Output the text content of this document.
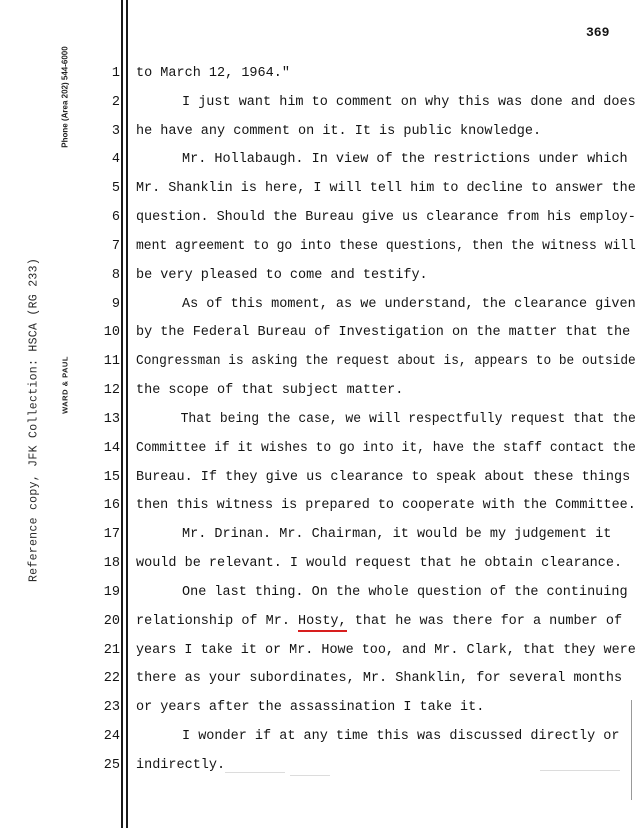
Reference copy, JFK Collection: HSCA (RG 233)
Phone (Area 202) 544-6000
WARD & PAUL
369
1 to March 12, 1964."
2	I just want him to comment on why this was done and does
3 he have any comment on it. It is public knowledge.
4	Mr. Hollabaugh. In view of the restrictions under which
5 Mr. Shanklin is here, I will tell him to decline to answer the
6 question. Should the Bureau give us clearance from his employ-
7 ment agreement to go into these questions, then the witness will
8 be very pleased to come and testify.
9	As of this moment, as we understand, the clearance given
10 by the Federal Bureau of Investigation on the matter that the
11 Congressman is asking the request about is, appears to be outside
12 the scope of that subject matter.
13	That being the case, we will respectfully request that the
14 Committee if it wishes to go into it, have the staff contact the
15 Bureau. If they give us clearance to speak about these things
16 then this witness is prepared to cooperate with the Committee.
17	Mr. Drinan. Mr. Chairman, it would be my judgement it
18 would be relevant. I would request that he obtain clearance.
19	One last thing. On the whole question of the continuing
20 relationship of Mr. Hosty, that he was there for a number of
21 years I take it or Mr. Howe too, and Mr. Clark, that they were
22 there as your subordinates, Mr. Shanklin, for several months
23 or years after the assassination I take it.
24	I wonder if at any time this was discussed directly or
25 indirectly.
